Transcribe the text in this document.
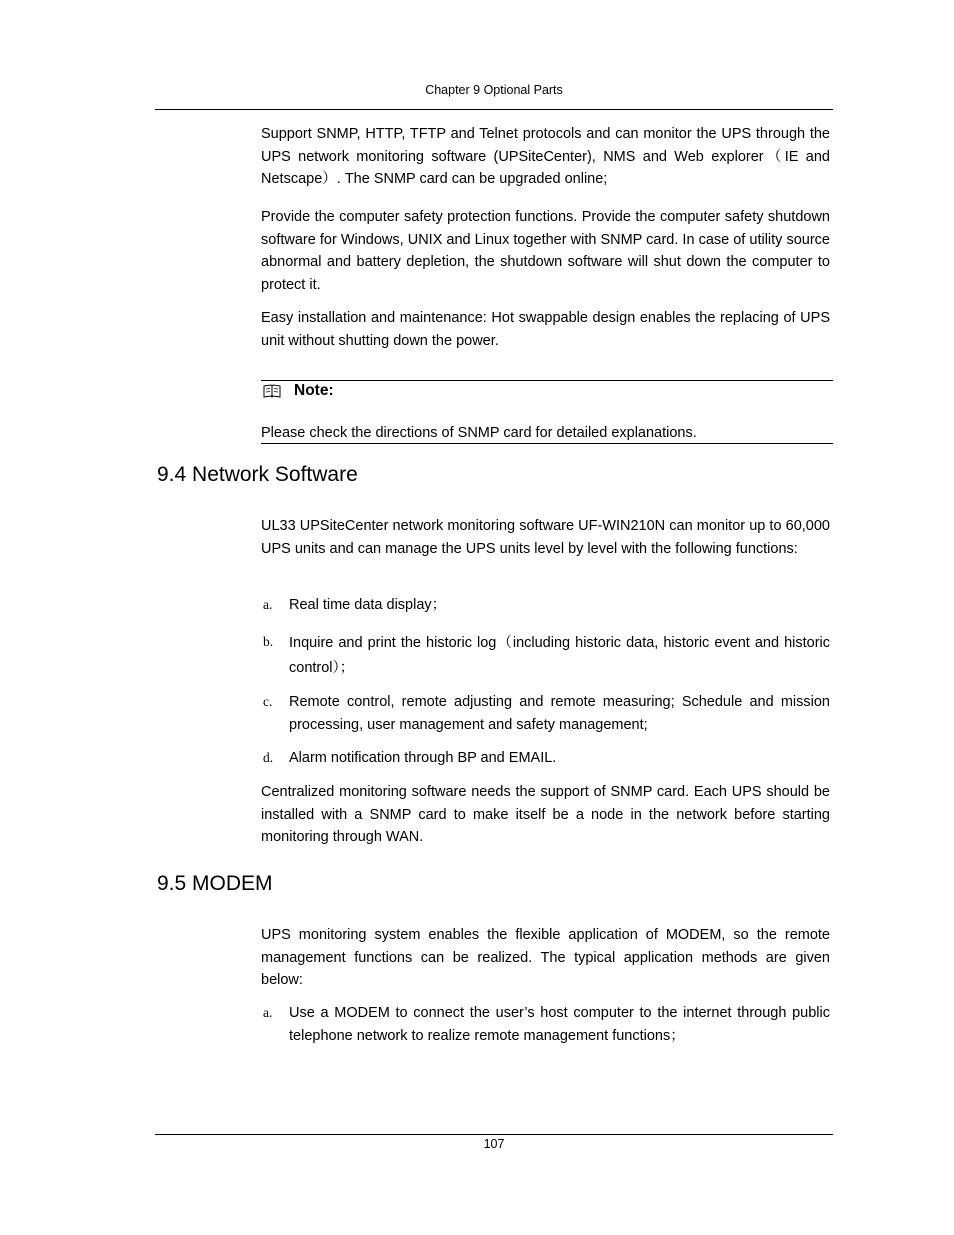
Chapter 9 Optional Parts

Support SNMP, HTTP, TFTP and Telnet protocols and can monitor the UPS through the UPS network monitoring software (UPSiteCenter), NMS and Web explorer（IE and Netscape）. The SNMP card can be upgraded online;

Provide the computer safety protection functions. Provide the computer safety shutdown software for Windows, UNIX and Linux together with SNMP card. In case of utility source abnormal and battery depletion, the shutdown software will shut down the computer to protect it.

Easy installation and maintenance: Hot swappable design enables the replacing of UPS unit without shutting down the power.

Note:
Please check the directions of SNMP card for detailed explanations.
9.4 Network Software

UL33 UPSiteCenter network monitoring software UF-WIN210N can monitor up to 60,000 UPS units and can manage the UPS units level by level with the following functions:

a. Real time data display；
b. Inquire and print the historic log（including historic data, historic event and historic control）；
c. Remote control, remote adjusting and remote measuring; Schedule and mission processing, user management and safety management;
d. Alarm notification through BP and EMAIL.

Centralized monitoring software needs the support of SNMP card. Each UPS should be installed with a SNMP card to make itself be a node in the network before starting monitoring through WAN.

9.5 MODEM

UPS monitoring system enables the flexible application of MODEM, so the remote management functions can be realized. The typical application methods are given below:

a. Use a MODEM to connect the user’s host computer to the internet through public telephone network to realize remote management functions；
107
